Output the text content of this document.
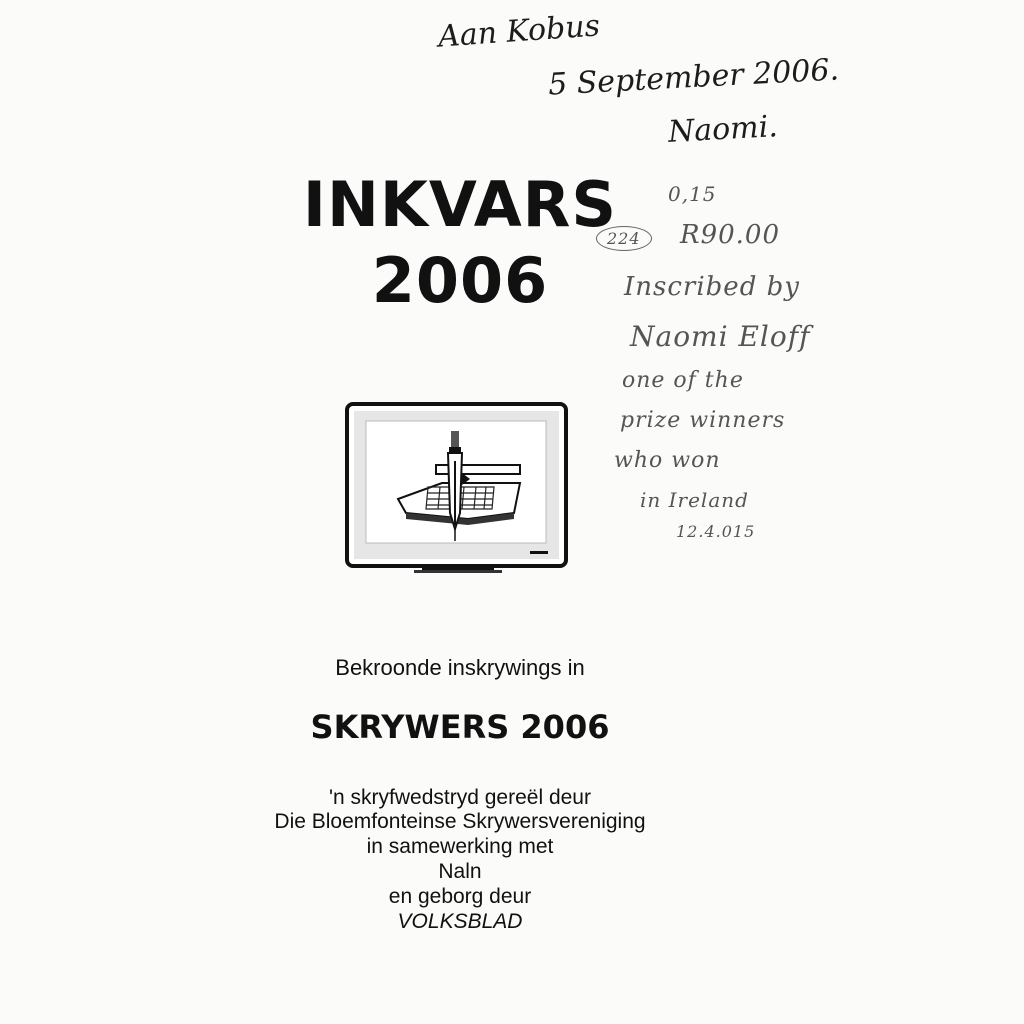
Aan Kobus
5 September 2006.
Naomi.
0,15
224	R90.00
Inscribed by
Naomi Eloff
one of the
prize winners
who won
in Ireland
12.4.015
INKVARS
2006
Bekroonde inskrywings in
SKRYWERS 2006
'n skryfwedstryd gereël deur
Die Bloemfonteinse Skrywersvereniging
in samewerking met
Naln
en geborg deur
VOLKSBLAD
